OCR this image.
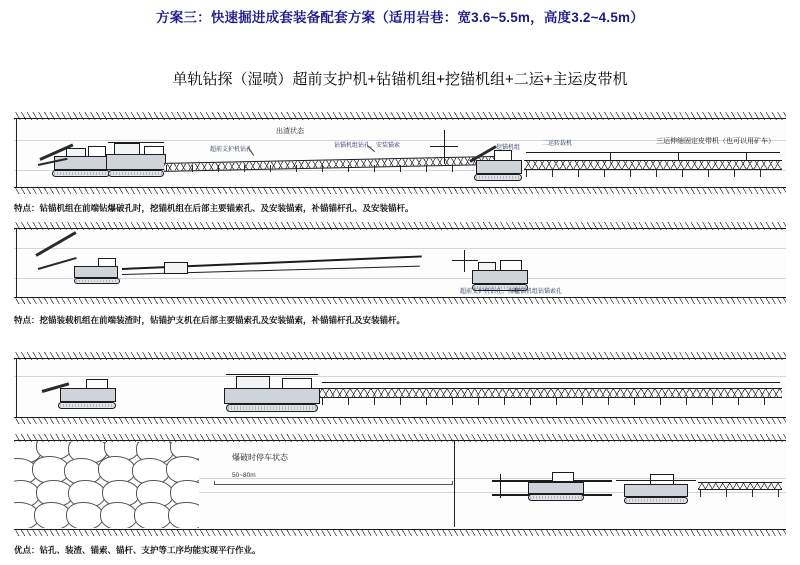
方案三：快速掘进成套装备配套方案（适用岩巷：宽3.6~5.5m，高度3.2~4.5m）
单轨钻探（湿喷）超前支护机+钻锚机组+挖锚机组+二运+主运皮带机
出渣状态
钻锚机组钻孔、安装锚索
超前支护机钻孔	挖锚机组
二运转载机	三运伸缩固定皮带机（也可以用矿车）
特点：钻锚机组在前端钻爆破孔时，挖锚机组在后部主要锚索孔、及安装锚索，补锚锚杆孔、及安装锚杆。
超前支护机钻孔、湿喷
挖锚机组钻锚索孔
特点：挖锚装载机组在前端装渣时，钻锚护支机在后部主要锚索孔及安装锚索，补锚锚杆孔及安装锚杆。
50~80m
爆破时停车状态
优点：钻孔、装渣、锚索、锚杆、支护等工序均能实现平行作业。
